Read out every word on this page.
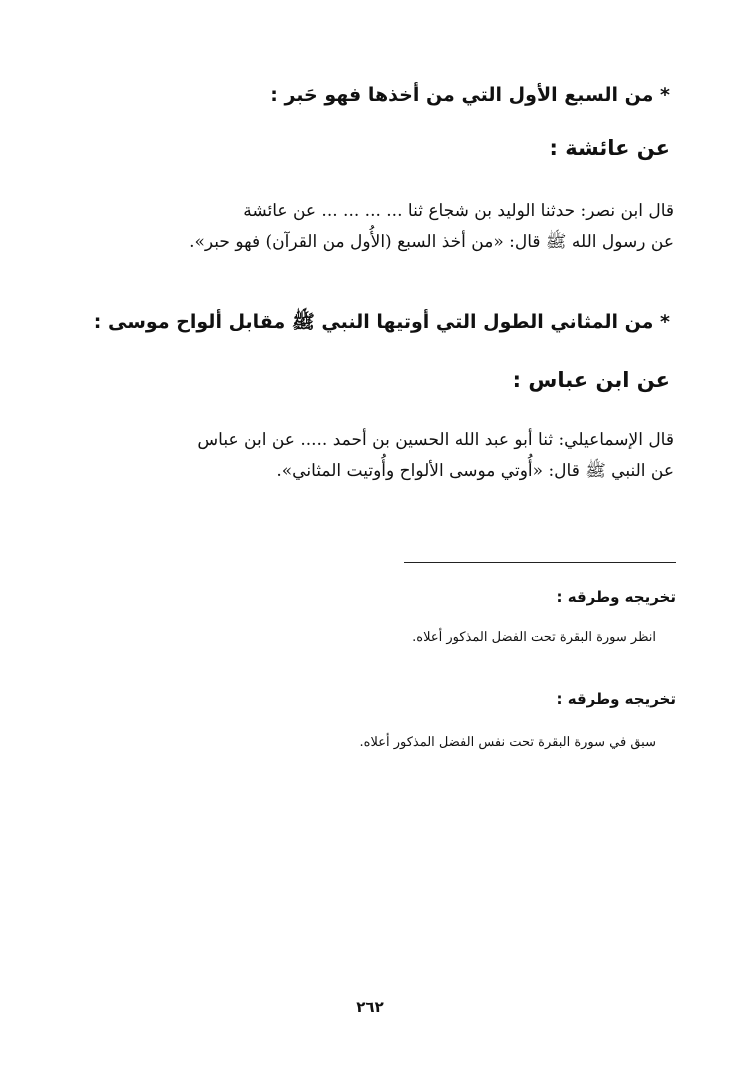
* من السبع الأول التي من أخذها فهو حَبر :
عن عائشة :

قال ابن نصر: حدثنا الوليد بن شجاع ثنا ... ... ... ... عن عائشة

عن رسول الله ﷺ قال: «من أخذ السبع (الأُول من القرآن) فهو حبر».

* من المثاني الطول التي أوتيها النبي ﷺ مقابل ألواح موسى :
عن ابن عباس :

قال الإسماعيلي: ثنا أبو عبد الله الحسين بن أحمد ..... عن ابن عباس

عن النبي ﷺ قال: «أُوتي موسى الألواح وأُوتيت المثاني».

تخريجه وطرقه :
انظر سورة البقرة تحت الفضل المذكور أعلاه.
تخريجه وطرقه :
سبق في سورة البقرة تحت نفس الفضل المذكور أعلاه.
٢٦٢
